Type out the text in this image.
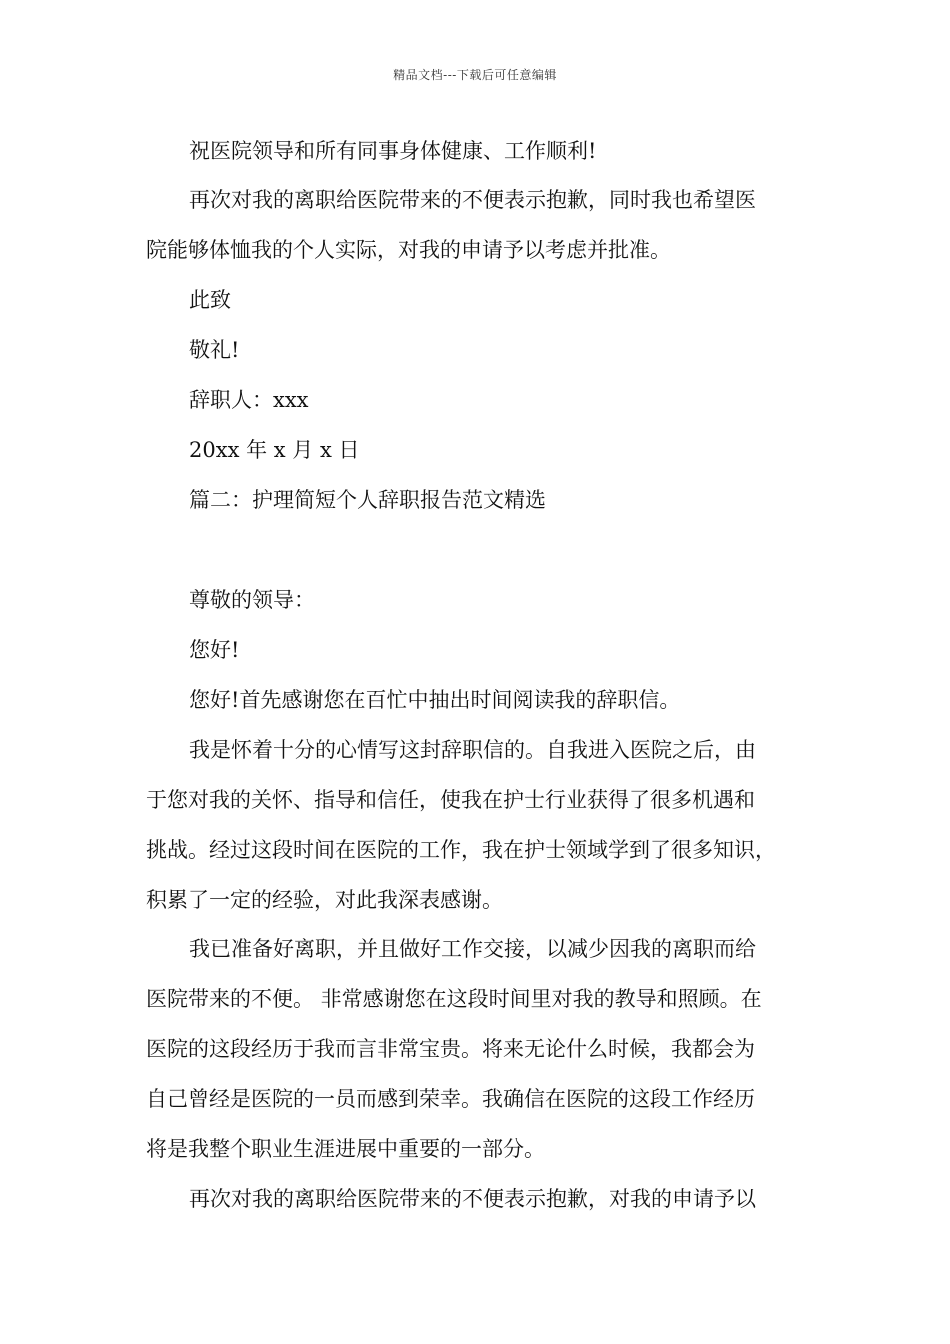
精品文档---下载后可任意编辑
祝医院领导和所有同事身体健康、工作顺利!
再次对我的离职给医院带来的不便表示抱歉，同时我也希望医
院能够体恤我的个人实际，对我的申请予以考虑并批准。
此致
敬礼!
辞职人：xxx
20xx 年 x 月 x 日
篇二：护理简短个人辞职报告范文精选
尊敬的领导：
您好!
您好!首先感谢您在百忙中抽出时间阅读我的辞职信。
我是怀着十分的心情写这封辞职信的。自我进入医院之后，由
于您对我的关怀、指导和信任，使我在护士行业获得了很多机遇和
挑战。经过这段时间在医院的工作，我在护士领域学到了很多知识，
积累了一定的经验，对此我深表感谢。
我已准备好离职，并且做好工作交接，以减少因我的离职而给
医院带来的不便。 非常感谢您在这段时间里对我的教导和照顾。在
医院的这段经历于我而言非常宝贵。将来无论什么时候，我都会为
自己曾经是医院的一员而感到荣幸。我确信在医院的这段工作经历
将是我整个职业生涯进展中重要的一部分。
再次对我的离职给医院带来的不便表示抱歉，对我的申请予以
